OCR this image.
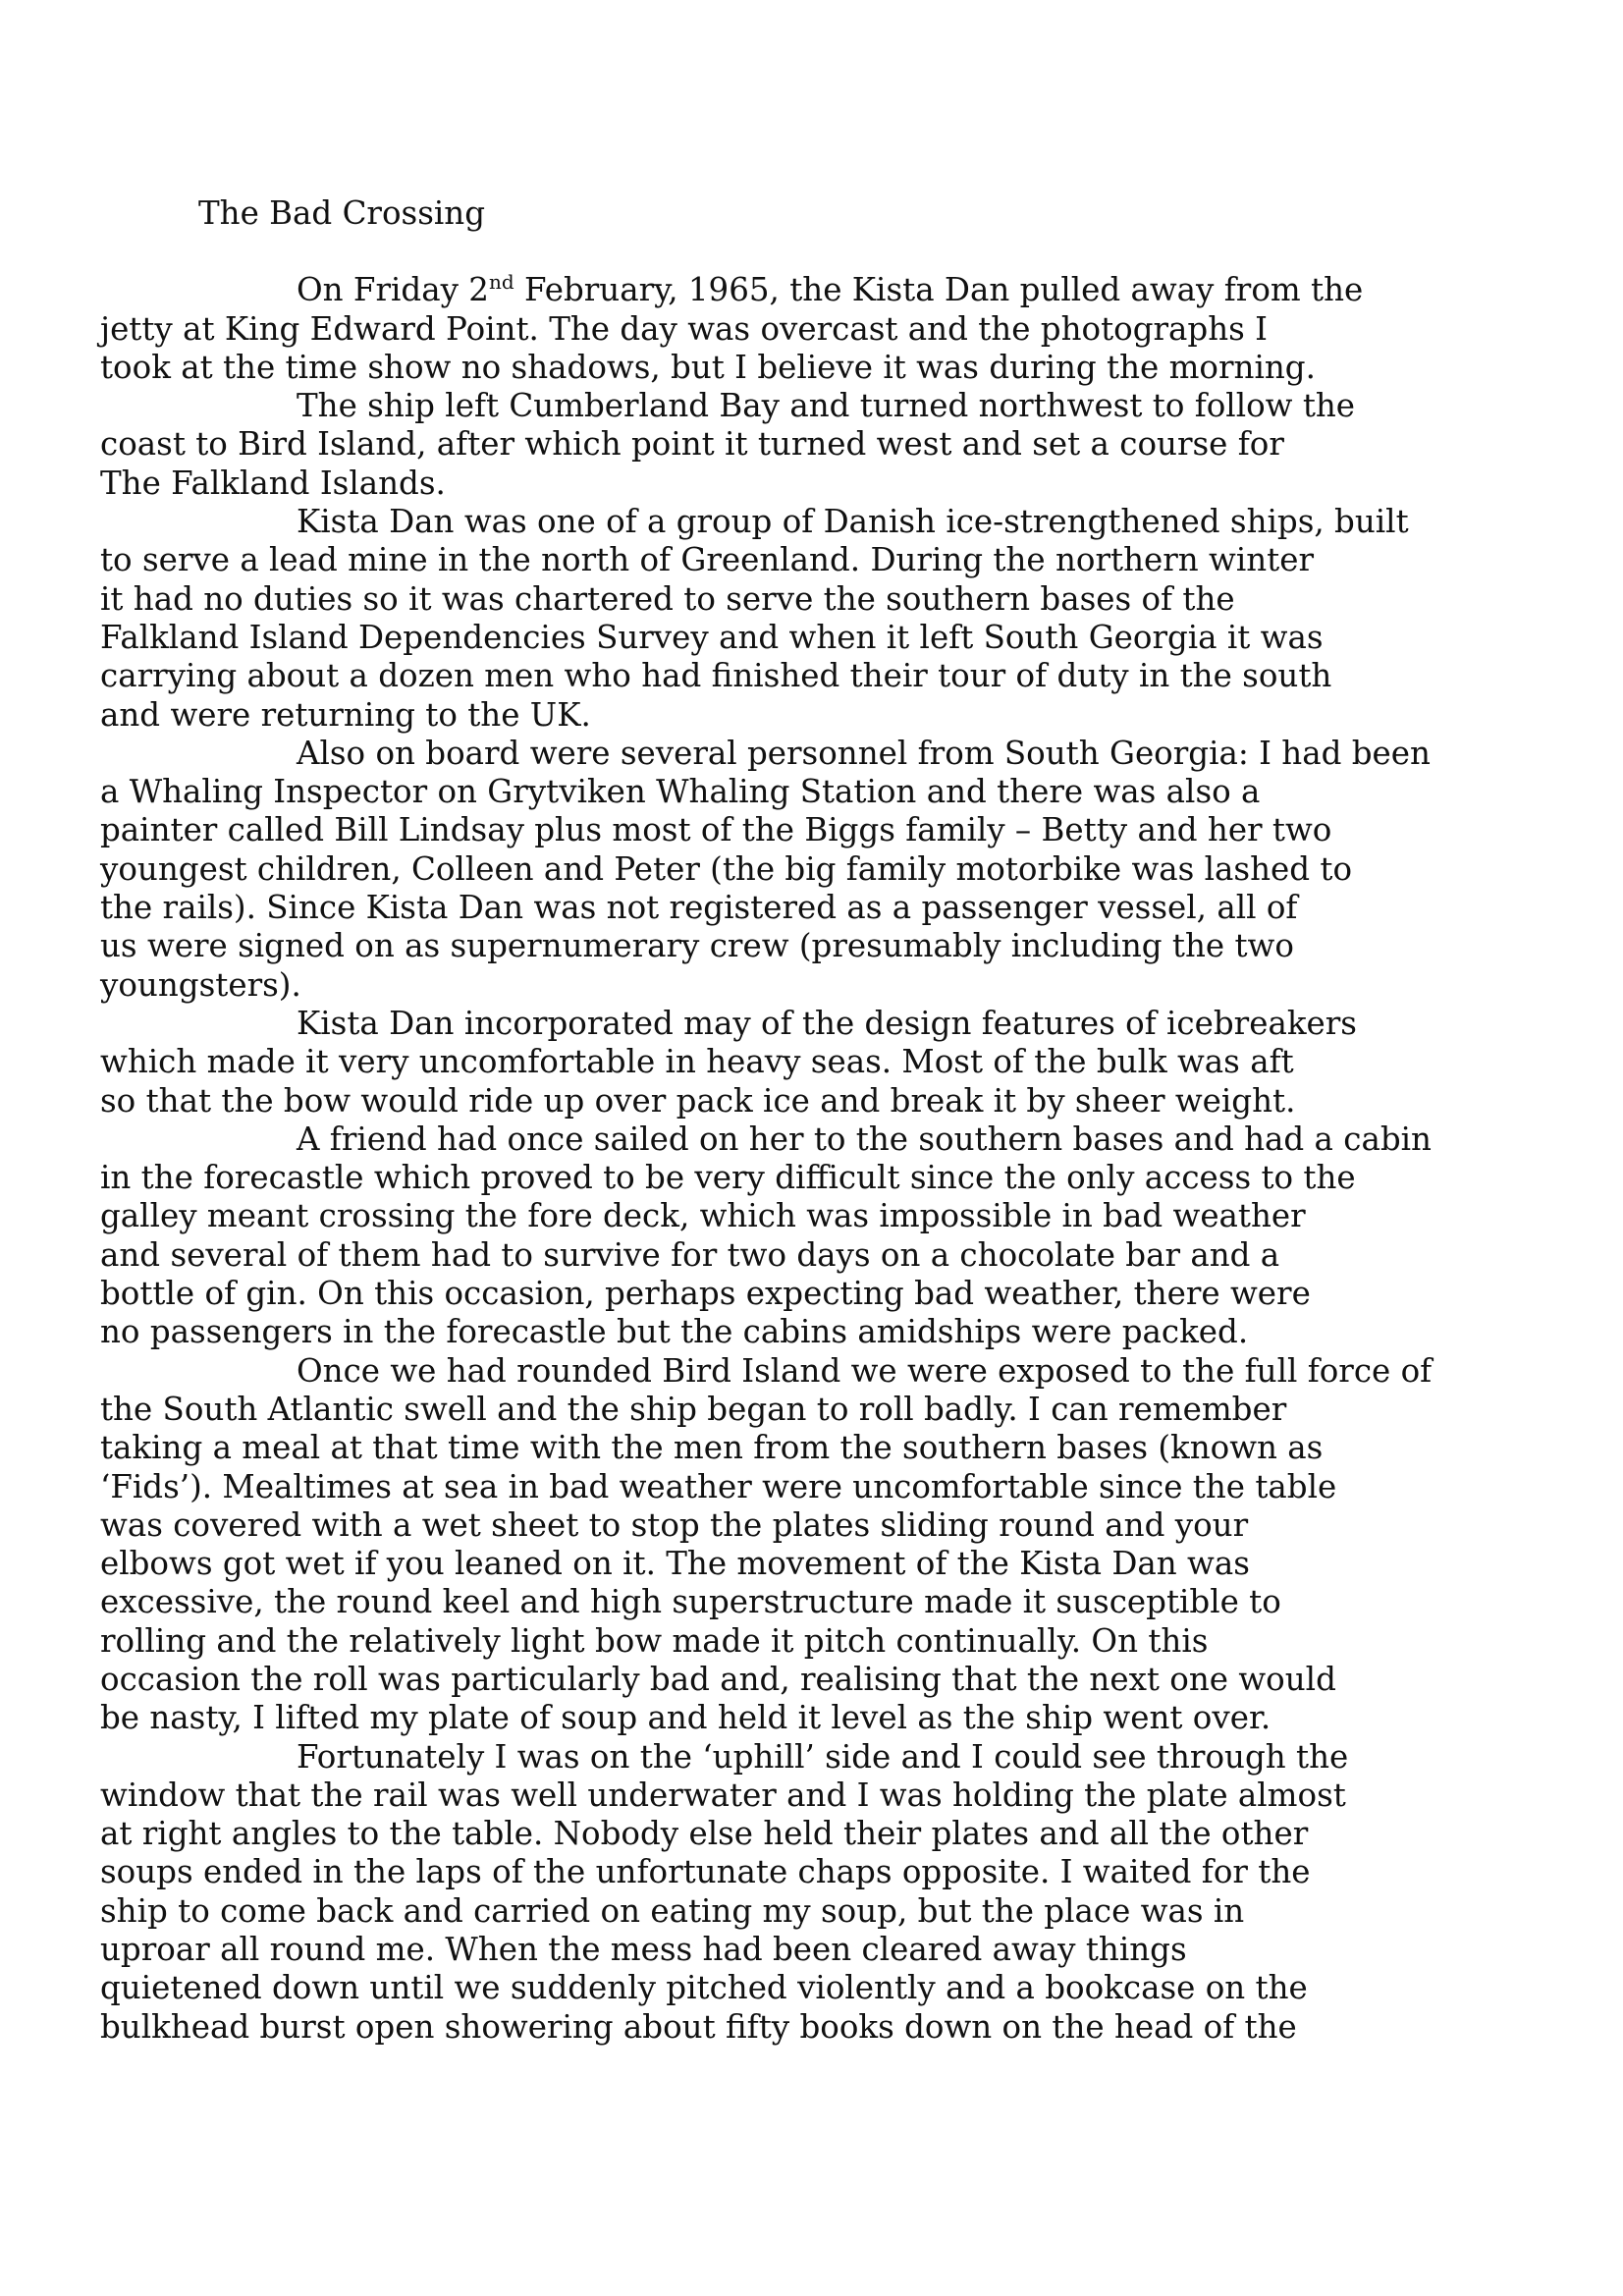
The Bad Crossing

On Friday 2nd February, 1965, the Kista Dan pulled away from the
jetty at King Edward Point. The day was overcast and the photographs I
took at the time show no shadows, but I believe it was during the morning.

The ship left Cumberland Bay and turned northwest to follow the
coast to Bird Island, after which point it turned west and set a course for
The Falkland Islands.

Kista Dan was one of a group of Danish ice-strengthened ships, built
to serve a lead mine in the north of Greenland. During the northern winter
it had no duties so it was chartered to serve the southern bases of the
Falkland Island Dependencies Survey and when it left South Georgia it was
carrying about a dozen men who had finished their tour of duty in the south
and were returning to the UK.

Also on board were several personnel from South Georgia: I had been
a Whaling Inspector on Grytviken Whaling Station and there was also a
painter called Bill Lindsay plus most of the Biggs family – Betty and her two
youngest children, Colleen and Peter (the big family motorbike was lashed to
the rails). Since Kista Dan was not registered as a passenger vessel, all of
us were signed on as supernumerary crew (presumably including the two
youngsters).

Kista Dan incorporated may of the design features of icebreakers
which made it very uncomfortable in heavy seas. Most of the bulk was aft
so that the bow would ride up over pack ice and break it by sheer weight.

A friend had once sailed on her to the southern bases and had a cabin
in the forecastle which proved to be very difficult since the only access to the
galley meant crossing the fore deck, which was impossible in bad weather
and several of them had to survive for two days on a chocolate bar and a
bottle of gin. On this occasion, perhaps expecting bad weather, there were
no passengers in the forecastle but the cabins amidships were packed.

Once we had rounded Bird Island we were exposed to the full force of
the South Atlantic swell and the ship began to roll badly. I can remember
taking a meal at that time with the men from the southern bases (known as
‘Fids’). Mealtimes at sea in bad weather were uncomfortable since the table
was covered with a wet sheet to stop the plates sliding round and your
elbows got wet if you leaned on it. The movement of the Kista Dan was
excessive, the round keel and high superstructure made it susceptible to
rolling and the relatively light bow made it pitch continually. On this
occasion the roll was particularly bad and, realising that the next one would
be nasty, I lifted my plate of soup and held it level as the ship went over.

Fortunately I was on the ‘uphill’ side and I could see through the
window that the rail was well underwater and I was holding the plate almost
at right angles to the table. Nobody else held their plates and all the other
soups ended in the laps of the unfortunate chaps opposite. I waited for the
ship to come back and carried on eating my soup, but the place was in
uproar all round me. When the mess had been cleared away things
quietened down until we suddenly pitched violently and a bookcase on the
bulkhead burst open showering about fifty books down on the head of the
